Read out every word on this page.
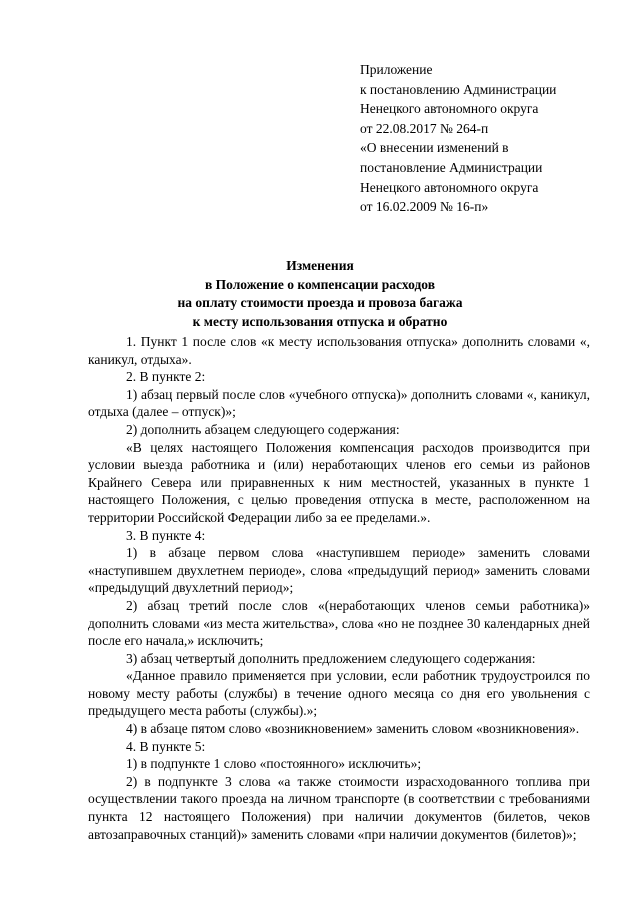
Приложение
к постановлению Администрации
Ненецкого автономного округа
от 22.08.2017 № 264-п
«О внесении изменений в
постановление Администрации
Ненецкого автономного округа
от 16.02.2009 № 16-п»
Изменения
в Положение о компенсации расходов
на оплату стоимости проезда и провоза багажа
к месту использования отпуска и обратно

1. Пункт 1 после слов «к месту использования отпуска» дополнить словами «, каникул, отдыха».

2. В пункте 2:

1) абзац первый после слов «учебного отпуска)» дополнить словами «, каникул, отдыха (далее – отпуск)»;

2) дополнить абзацем следующего содержания:

«В целях настоящего Положения компенсация расходов производится при условии выезда работника и (или) неработающих членов его семьи из районов Крайнего Севера или приравненных к ним местностей, указанных в пункте 1 настоящего Положения, с целью проведения отпуска в месте, расположенном на территории Российской Федерации либо за ее пределами.».

3. В пункте 4:

1) в абзаце первом слова «наступившем периоде» заменить словами «наступившем двухлетнем периоде», слова «предыдущий период» заменить словами «предыдущий двухлетний период»;

2) абзац третий после слов «(неработающих членов семьи работника)» дополнить словами «из места жительства», слова «но не позднее 30 календарных дней после его начала,» исключить;

3) абзац четвертый дополнить предложением следующего содержания:

«Данное правило применяется при условии, если работник трудоустроился по новому месту работы (службы) в течение одного месяца со дня его увольнения с предыдущего места работы (службы).»;

4) в абзаце пятом слово «возникновением» заменить словом «возникновения».

4. В пункте 5:

1) в подпункте 1 слово «постоянного» исключить»;

2) в подпункте 3 слова «а также стоимости израсходованного топлива при осуществлении такого проезда на личном транспорте (в соответствии с требованиями пункта 12 настоящего Положения) при наличии документов (билетов, чеков автозаправочных станций)» заменить словами «при наличии документов (билетов)»;
